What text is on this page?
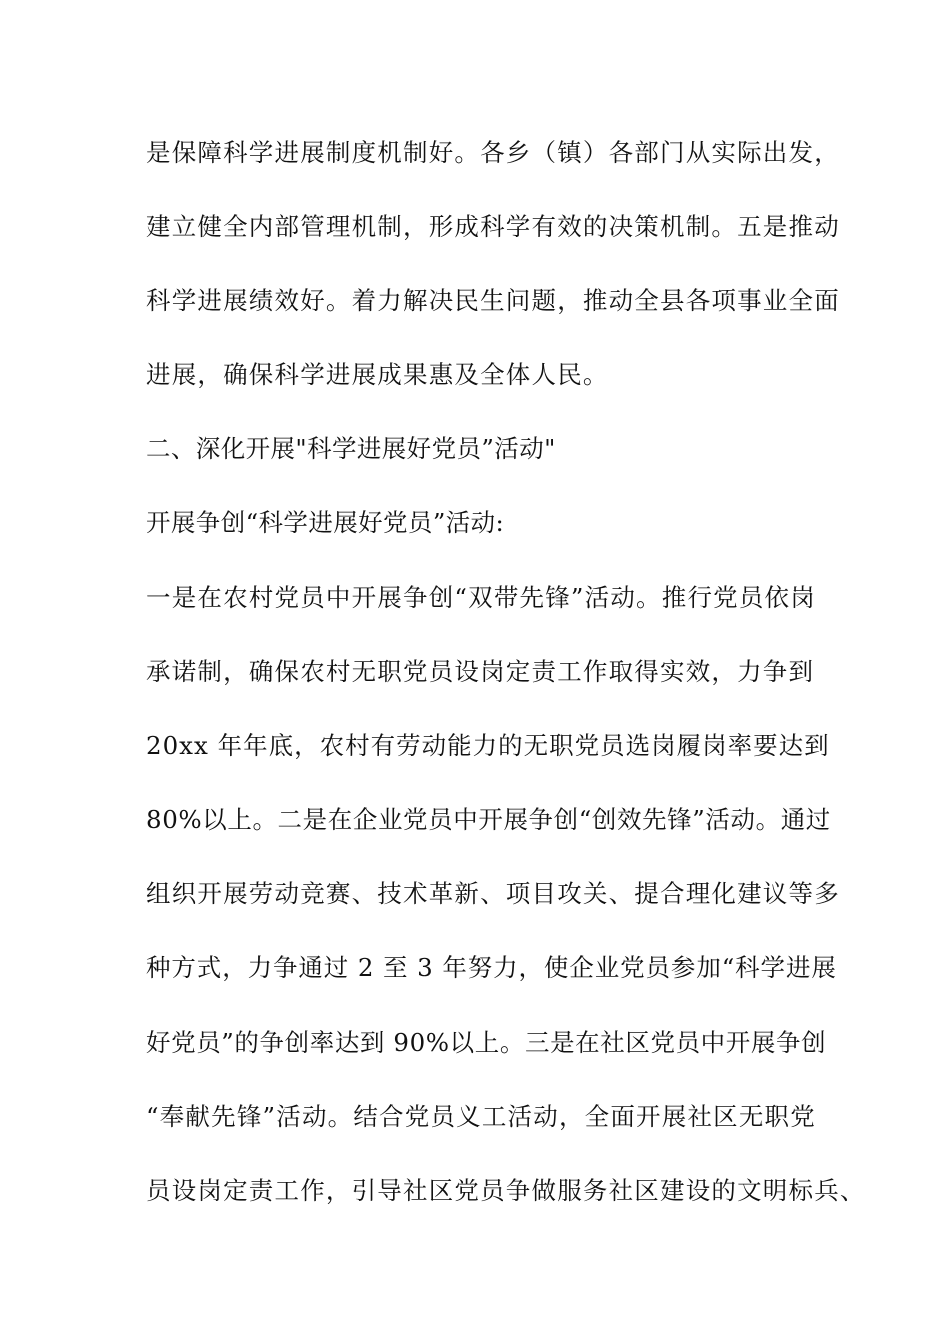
是保障科学进展制度机制好。各乡（镇）各部门从实际出发，
建立健全内部管理机制，形成科学有效的决策机制。五是推动
科学进展绩效好。着力解决民生问题，推动全县各项事业全面
进展，确保科学进展成果惠及全体人民。
二、深化开展"科学进展好党员”活动"
开展争创“科学进展好党员”活动:
一是在农村党员中开展争创“双带先锋”活动。推行党员依岗
承诺制，确保农村无职党员设岗定责工作取得实效，力争到
20xx 年年底，农村有劳动能力的无职党员选岗履岗率要达到
80%以上。二是在企业党员中开展争创“创效先锋”活动。通过
组织开展劳动竞赛、技术革新、项目攻关、提合理化建议等多
种方式，力争通过 2 至 3 年努力，使企业党员参加“科学进展
好党员”的争创率达到 90%以上。三是在社区党员中开展争创
“奉献先锋”活动。结合党员义工活动，全面开展社区无职党
员设岗定责工作，引导社区党员争做服务社区建设的文明标兵、
